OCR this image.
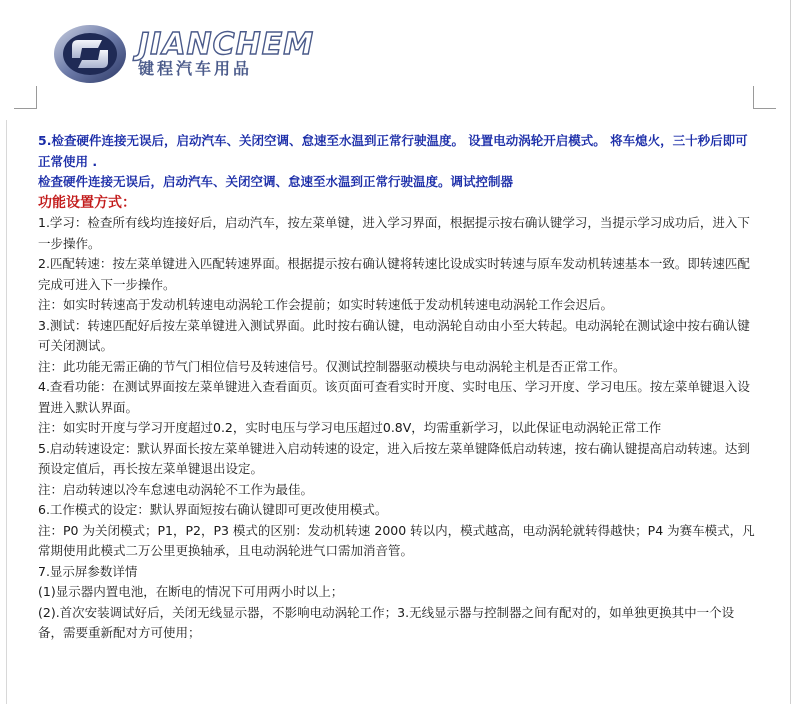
JIANCHEM
键程汽车用品

5.检查硬件连接无误后，启动汽车、关闭空调、怠速至水温到正常行驶温度。 设置电动涡轮开启模式。 将车熄火，三十秒后即可正常使用 .

检查硬件连接无误后，启动汽车、关闭空调、怠速至水温到正常行驶温度。调试控制器

功能设置方式：

1.学习：检查所有线均连接好后，启动汽车，按左菜单键，进入学习界面，根据提示按右确认键学习，当提示学习成功后，进入下一步操作。

2.匹配转速：按左菜单键进入匹配转速界面。根据提示按右确认键将转速比设成实时转速与原车发动机转速基本一致。即转速匹配完成可进入下一步操作。

注：如实时转速高于发动机转速电动涡轮工作会提前；如实时转速低于发动机转速电动涡轮工作会迟后。

3.测试：转速匹配好后按左菜单键进入测试界面。此时按右确认键，电动涡轮自动由小至大转起。电动涡轮在测试途中按右确认键可关闭测试。

注：此功能无需正确的节气门相位信号及转速信号。仅测试控制器驱动模块与电动涡轮主机是否正常工作。

4.查看功能：在测试界面按左菜单键进入查看面页。该页面可查看实时开度、实时电压、学习开度、学习电压。按左菜单键退入设置进入默认界面。

注：如实时开度与学习开度超过0.2，实时电压与学习电压超过0.8V，均需重新学习，以此保证电动涡轮正常工作

5.启动转速设定：默认界面长按左菜单键进入启动转速的设定，进入后按左菜单键降低启动转速，按右确认键提高启动转速。达到预设定值后，再长按左菜单键退出设定。

注：启动转速以冷车怠速电动涡轮不工作为最佳。

6.工作模式的设定：默认界面短按右确认键即可更改使用模式。

注：P0 为关闭模式；P1，P2，P3 模式的区别：发动机转速 2000 转以内，模式越高，电动涡轮就转得越快；P4 为赛车模式，凡常期使用此模式二万公里更换轴承，且电动涡轮进气口需加消音管。

7.显示屏参数详情

(1)显示器内置电池，在断电的情况下可用两小时以上；

(2).首次安装调试好后，关闭无线显示器，不影响电动涡轮工作；3.无线显示器与控制器之间有配对的，如单独更换其中一个设备，需要重新配对方可使用；
